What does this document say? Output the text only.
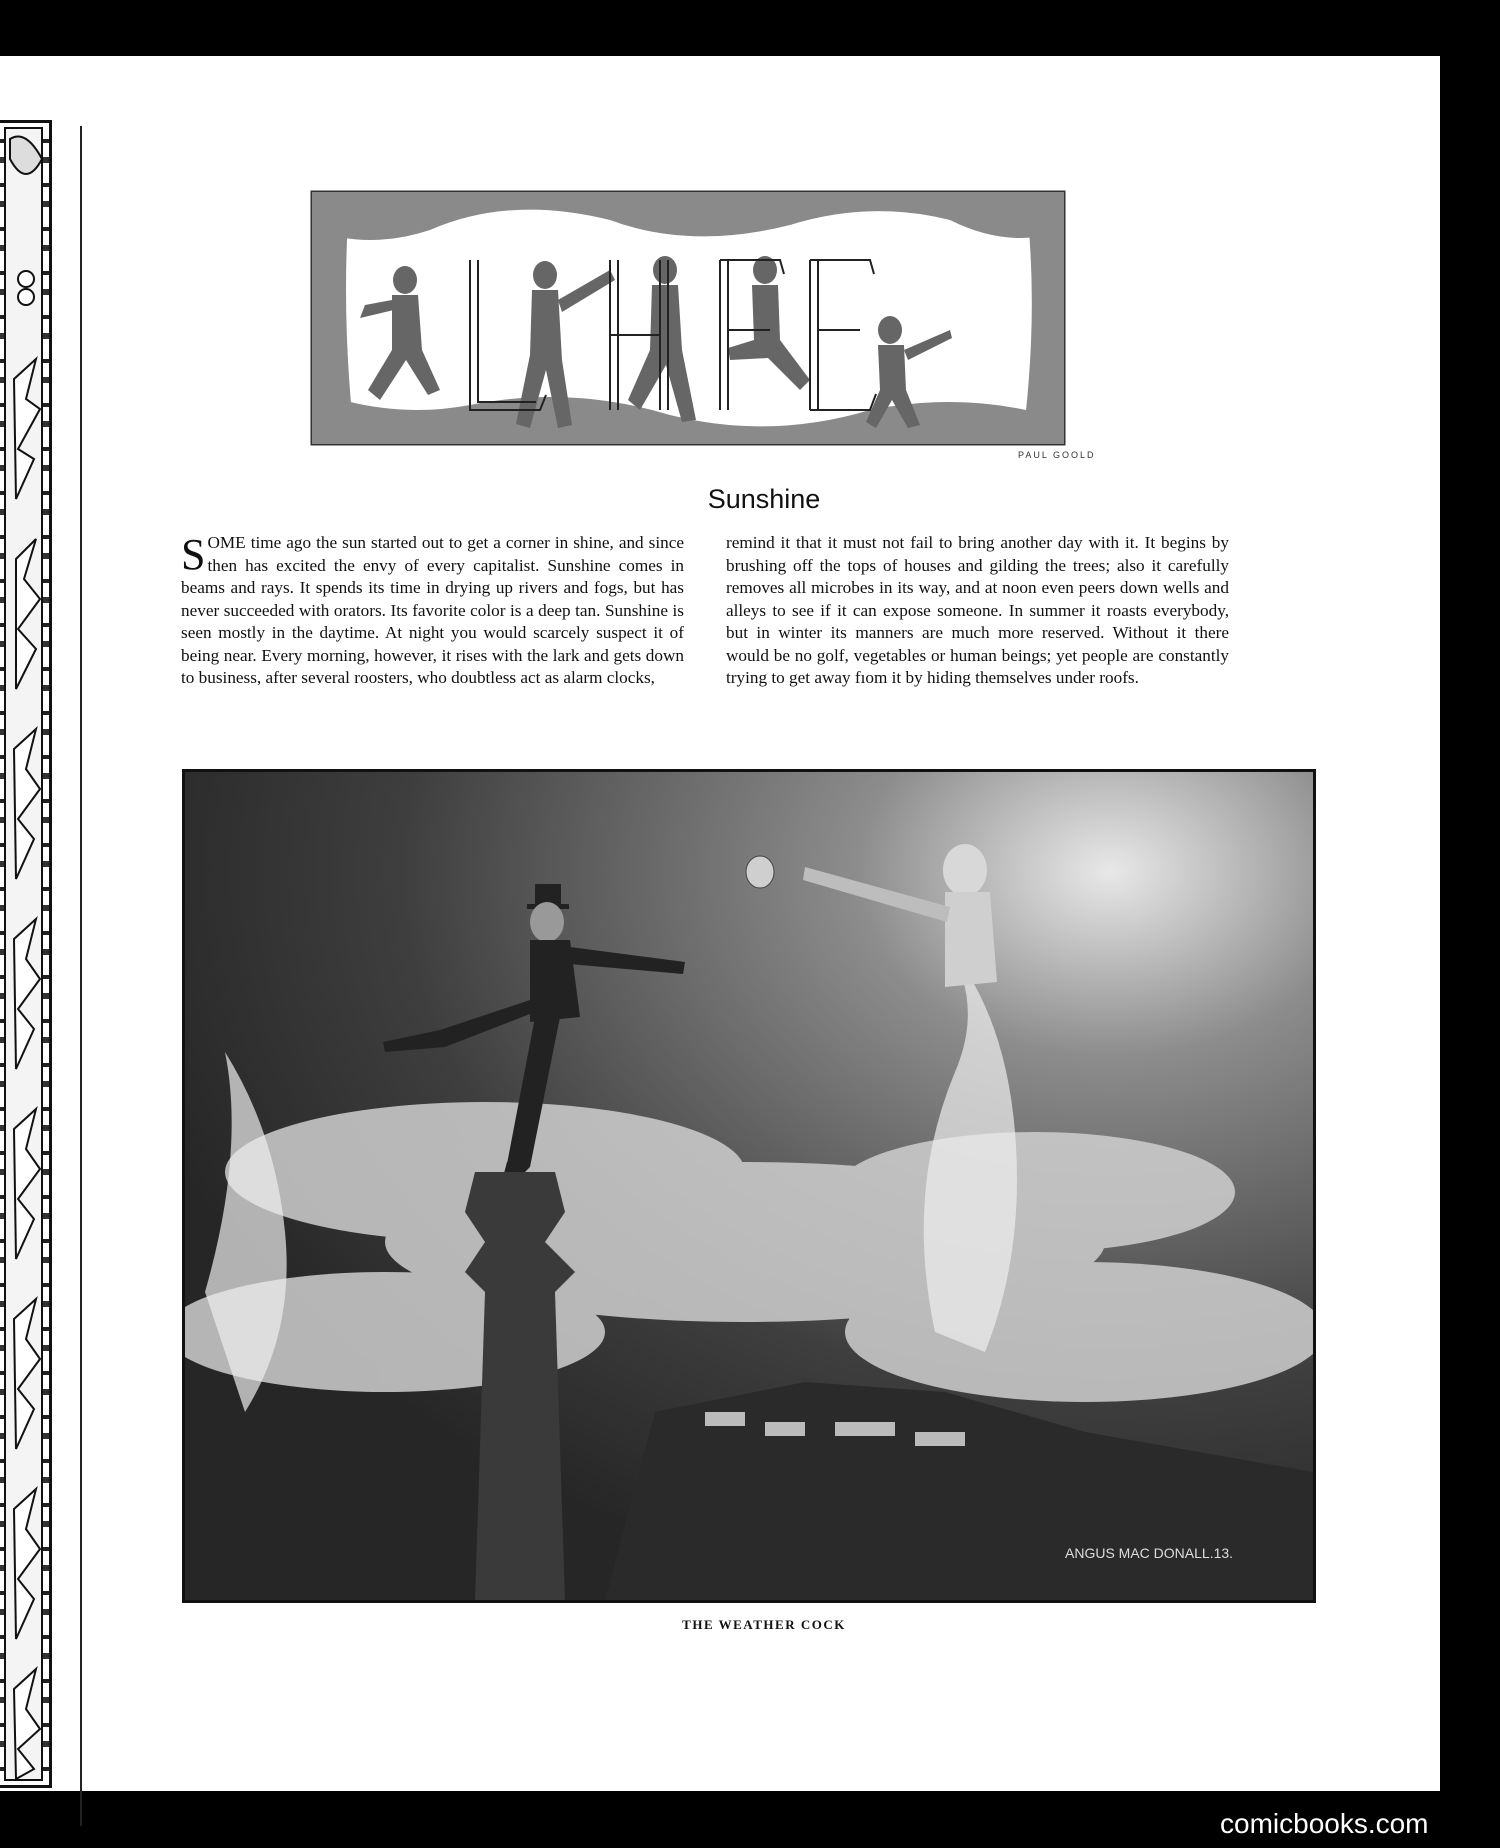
PAUL GOOLD
Sunshine
SOME time ago the sun started out to get a corner in shine, and since then has excited the envy of every capitalist. Sunshine comes in beams and rays. It spends its time in drying up rivers and fogs, but has never succeeded with orators. Its favorite color is a deep tan. Sunshine is seen mostly in the daytime. At night you would scarcely suspect it of being near. Every morning, however, it rises with the lark and gets down to business, after several roosters, who doubtless act as alarm clocks,
remind it that it must not fail to bring another day with it. It begins by brushing off the tops of houses and gilding the trees; also it carefully removes all microbes in its way, and at noon even peers down wells and alleys to see if it can expose someone. In summer it roasts everybody, but in winter its manners are much more reserved. Without it there would be no golf, vegetables or human beings; yet people are constantly trying to get away fıom it by hiding themselves under roofs.
ANGUS MAC DONALL.13.
THE WEATHER COCK
comicbooks.com
